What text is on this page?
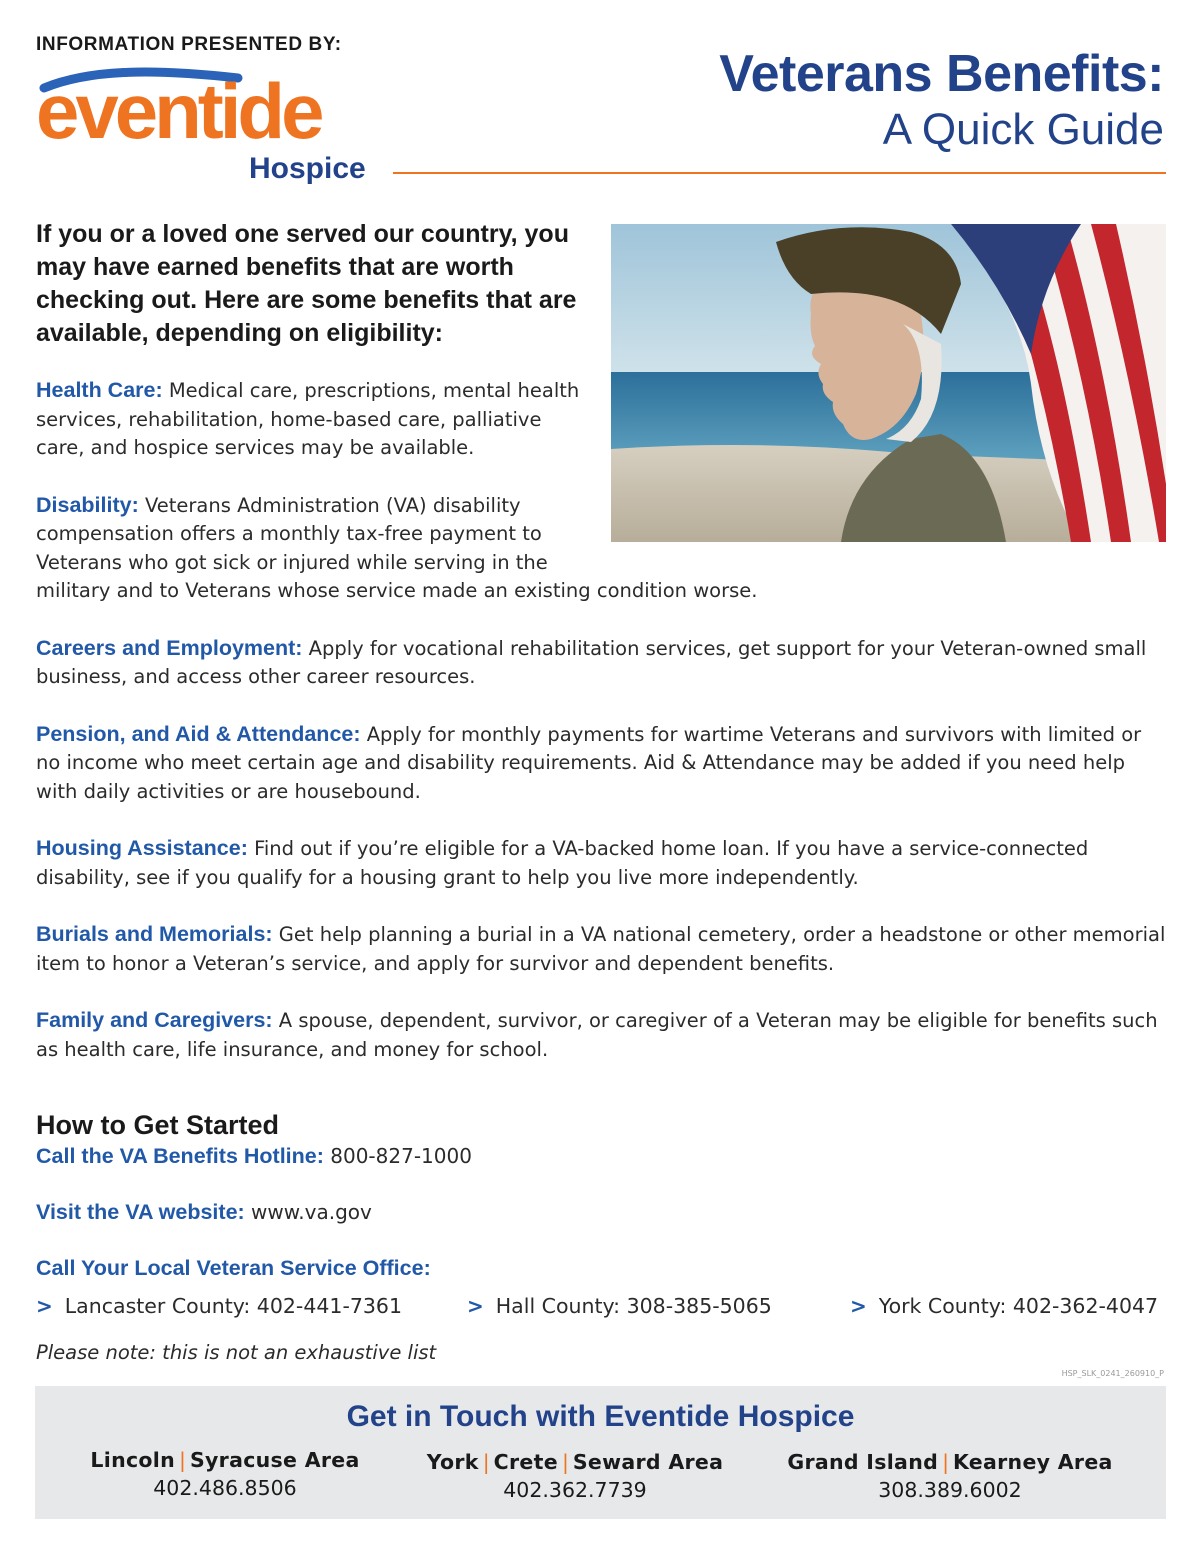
INFORMATION PRESENTED BY:
eventide
Hospice
Veterans Benefits:
A Quick Guide
If you or a loved one served our country, you may have earned benefits that are worth checking out. Here are some benefits that are available, depending on eligibility:

Health Care: Medical care, prescriptions, mental health services, rehabilitation, home-based care, palliative care, and hospice services may be available.

Disability: Veterans Administration (VA) disability compensation offers a monthly tax-free payment to Veterans who got sick or injured while serving in the military and to Veterans whose service made an existing condition worse.

Careers and Employment: Apply for vocational rehabilitation services, get support for your Veteran-owned small business, and access other career resources.

Pension, and Aid & Attendance: Apply for monthly payments for wartime Veterans and survivors with limited or no income who meet certain age and disability requirements. Aid & Attendance may be added if you need help with daily activities or are housebound.

Housing Assistance: Find out if you’re eligible for a VA-backed home loan. If you have a service-connected disability, see if you qualify for a housing grant to help you live more independently.

Burials and Memorials: Get help planning a burial in a VA national cemetery, order a headstone or other memorial item to honor a Veteran’s service, and apply for survivor and dependent benefits.

Family and Caregivers: A spouse, dependent, survivor, or caregiver of a Veteran may be eligible for benefits such as health care, life insurance, and money for school.

How to Get Started
Call the VA Benefits Hotline: 800-827-1000
Visit the VA website: www.va.gov
Call Your Local Veteran Service Office:
> Lancaster County: 402-441-7361	> Hall County: 308-385-5065	> York County: 402-362-4047
Please note: this is not an exhaustive list
HSP_SLK_0241_260910_P
Get in Touch with Eventide Hospice
Lincoln | Syracuse Area
402.486.8506
York | Crete | Seward Area
402.362.7739
Grand Island | Kearney Area
308.389.6002
